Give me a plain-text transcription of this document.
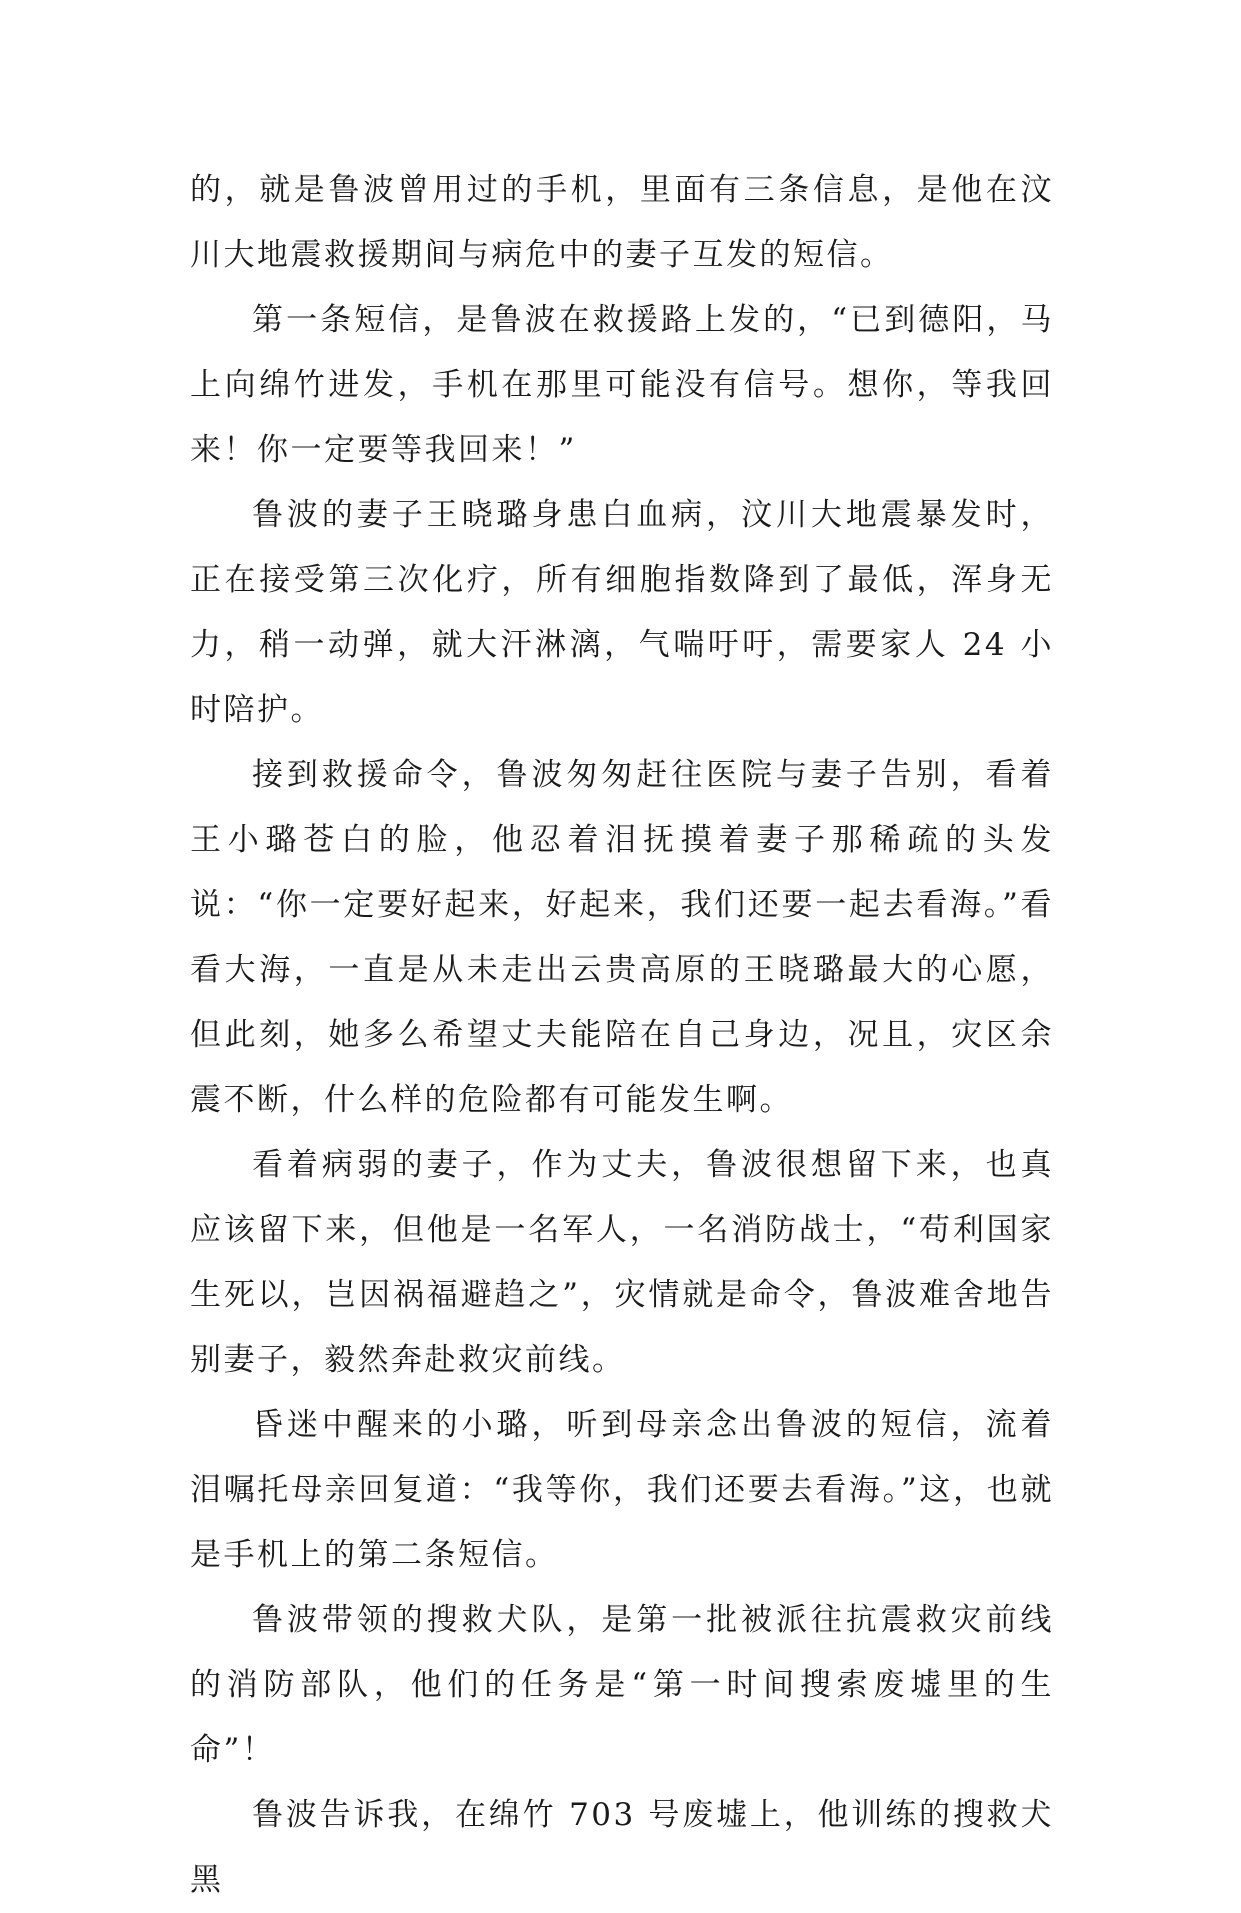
的，就是鲁波曾用过的手机，里面有三条信息，是他在汶川大地震救援期间与病危中的妻子互发的短信。

第一条短信，是鲁波在救援路上发的，“已到德阳，马上向绵竹进发，手机在那里可能没有信号。想你，等我回来！你一定要等我回来！”

鲁波的妻子王晓璐身患白血病，汶川大地震暴发时，正在接受第三次化疗，所有细胞指数降到了最低，浑身无力，稍一动弹，就大汗淋漓，气喘吁吁，需要家人 24 小时陪护。

接到救援命令，鲁波匆匆赶往医院与妻子告别，看着王小璐苍白的脸，他忍着泪抚摸着妻子那稀疏的头发说：“你一定要好起来，好起来，我们还要一起去看海。”看看大海，一直是从未走出云贵高原的王晓璐最大的心愿，但此刻，她多么希望丈夫能陪在自己身边，况且，灾区余震不断，什么样的危险都有可能发生啊。

看着病弱的妻子，作为丈夫，鲁波很想留下来，也真应该留下来，但他是一名军人，一名消防战士，“苟利国家生死以，岂因祸福避趋之”，灾情就是命令，鲁波难舍地告别妻子，毅然奔赴救灾前线。

昏迷中醒来的小璐，听到母亲念出鲁波的短信，流着泪嘱托母亲回复道：“我等你，我们还要去看海。”这，也就是手机上的第二条短信。

鲁波带领的搜救犬队，是第一批被派往抗震救灾前线的消防部队，他们的任务是“第一时间搜索废墟里的生命”！

鲁波告诉我，在绵竹 703 号废墟上，他训练的搜救犬黑
